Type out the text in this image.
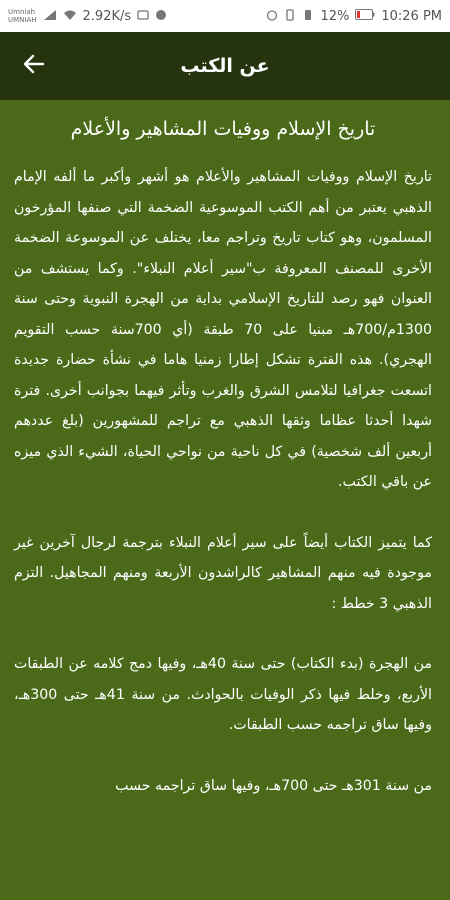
Umniah
UMNIAH	2.92K/s	12% 10:26 PM
عن الكتب
تاريخ الإسلام ووفيات المشاهير والأعلام

تاريخ الإسلام ووفيات المشاهير والأعلام هو أشهر وأكبر ما ألفه الإمام الذهبي يعتبر من أهم الكتب الموسوعية الضخمة التي صنفها المؤرخون المسلمون، وهو كتاب تاريخ وتراجم معا، يختلف عن الموسوعة الضخمة الأخرى للمصنف المعروفة ب"سير أعلام النبلاء". وكما يستشف من العنوان فهو رصد للتاريخ الإسلامي بداية من الهجرة النبوية وحتى سنة 1300م/700هـ مبنيا على 70 طبقة (أي 700سنة حسب التقويم الهجري). هذه الفترة تشكل إطارا زمنيا هاما في نشأة حضارة جديدة اتسعت جغرافيا لتلامس الشرق والغرب وتأثر فيهما بجوانب أخرى. فترة شهدا أحدثا عظاما وثقها الذهبي مع تراجم للمشهورين (بلغ عددهم أربعين ألف شخصية) في كل ناحية من نواحي الحياة، الشيء الذي ميزه عن باقي الكتب.

كما يتميز الكتاب أيضاً على سير أعلام النبلاء بترجمة لرجال آخرين غير موجودة فيه منهم المشاهير كالراشدون الأربعة ومنهم المجاهيل. التزم الذهبي 3 خطط :

من الهجرة (بدء الكتاب) حتى سنة 40هـ، وفيها دمج كلامه عن الطبقات الأربع، وخلط فيها ذكر الوفيات بالحوادث. من سنة 41هـ حتى 300هـ، وفيها ساق تراجمه حسب الطبقات.

من سنة 301هـ حتى 700هـ، وفيها ساق تراجمه حسب
